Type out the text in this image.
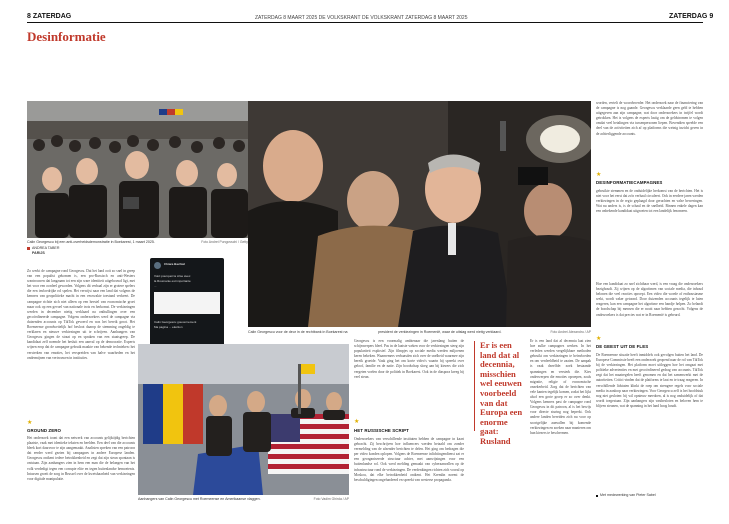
8 ZATERDAG	ZATERDAG 8 MAART 2025 DE VOLKSKRANT DE VOLKSKRANT ZATERDAG 8 MAART 2025	ZATERDAG 9
Desinformatie
Calin Georgescu bij een anti-overheidsdemonstratie in Boekarest, 1 maart 2025.	Foto Andrei Pungovschi / Getty
Calin Georgescu voor de deur in de rechtbank in Boekarest na	president de verkiezingen in Roemenië, waar de uitslag werd nietig verklaard.	Foto Andrei Alexandru / AP
ANDREA TABER
PARIJS

Zo werkt de campagne rond Georgescu. Dat het land ooit zo snel in greep van een populist gekomen is, een pro-Russisch en anti-Westers wantrouwen dat langzaam tot een zijn ware identiteit uitgebouwd ligt, met het voor een oordeel geworden. Volgens dit verhaal zijn er grotere spelers die een invloedrijke rol spelen. Het verwijst naar een land dat volgens de kenners van geopolitieke macht in een verzwakte toestand verkeert. De campagne richtte zich niet alleen op een herstel van economische groei maar ook op een gevoel van nationale trots en herkomst. De verkiezingen werden in december nietig verklaard na onthullingen over een gecoördineerde campagne. Volgens onderzoekers werd de campagne via duizenden accounts op TikTok gevoerd en was het bereik groot. Het Roemeense grondwettelijk hof besloot daarop de stemming ongeldig te verklaren en nieuwe verkiezingen uit te schrijven. Aanhangers van Georgescu gingen de straat op en spraken van een staatsgreep. De kandidaat zelf noemde het besluit een aanval op de democratie. Experts wijzen erop dat de campagne gebruik maakte van bekende technieken: het versterken van emoties, het verspreiden van halve waarheden en het ondermijnen van vertrouwen in instituties.

★
GROUND ZERO

Het onderzoek toont dat een netwerk van accounts gelijktijdig berichten plaatste, vaak met identieke teksten en beelden. Een deel van die accounts bleek kort daarvoor te zijn aangemaakt. Analisten spreken van een patroon dat eerder werd gezien bij campagnes in andere Europese landen. Georgescu ontkent iedere betrokkenheid en zegt dat zijn steun spontaan is ontstaan. Zijn aanhangers zien in hem een man die de belangen van het volk verdedigt tegen een corrupte elite en tegen buitenlandse bemoeienis. Intussen groeit de zorg in Brussel over de kwetsbaarheid van verkiezingen voor digitale manipulatie.

Chiara Bachtel
Voici pourquoi la crise avec
la Roumanie est importante
...
Calin Georgescu gouvernement
Ma pagina ... election
Aanhangers van Calin Georgescu met Roemeense en Amerikaanse vlaggen.	Foto Vadim Ghirda / AP

Georgescu is een voormalig ambtenaar die jarenlang buiten de schijnwerpers bleef. Pas in de laatste weken voor de verkiezingen steeg zijn populariteit explosief. Zijn filmpjes op sociale media werden miljoenen keren bekeken. Waarnemers verbaasden zich over de snelheid waarmee zijn bereik groeide. Vaak ging het om korte video's waarin hij spreekt over geloof, familie en de natie. Zijn boodschap sloeg aan bij kiezers die zich vergeten voelen door de politiek in Boekarest. Ook in de diaspora kreeg hij veel steun.

★
HET RUSSISCHE SCRIPT

Onderzoekers van verschillende instituten hebben de campagne in kaart gebracht. Zij beschrijven hoe influencers werden betaald om zonder vermelding van de afzender berichten te delen. Het ging om bedragen die per video konden oplopen. Volgens de Roemeense inlichtingendienst zat er een georganiseerde structuur achter, met aanwijzingen voor een buitenlandse rol. Ook werd melding gemaakt van cyberaanvallen op de infrastructuur rond de verkiezingen. De verdenkingen richten zich vooral op Moskou, dat elke betrokkenheid ontkent. Het Kremlin noemt de beschuldigingen ongefundeerd en spreekt van westerse propaganda.

Er is een land dat al decennia, misschien wel eeuwen voorbeeld van dat Europa een enorme gaat: Rusland

Er is een land dat al decennia laat zien hoe zulke campagnes werken. In het verleden werden vergelijkbare methoden gebruikt om verkiezingen te beïnvloeden en om verdeeldheid te zaaien. De aanpak is vaak dezelfde: zoek bestaande spanningen en versterk die. Kies onderwerpen die emoties oproepen, zoals migratie, religie of economische onzekerheid. Zorg dat de berichten van vele kanten tegelijk komen, zodat het lijkt alsof een grote groep er zo over denkt. Volgens kenners past de campagne rond Georgescu in dit patroon, al is het bewijs voor directe sturing nog beperkt. Ook andere landen bereiden zich nu voor op soortgelijke aanvallen bij komende verkiezingen en zoeken naar manieren om hun kiezers te beschermen.

worden, vertelt de woordvoerder. Het onderzoek naar de financiering van de campagne is nog gaande. Georgescu verklaarde geen geld te hebben uitgegeven aan zijn campagne, wat door onderzoekers in twijfel wordt getrokken. Het is volgens de experts lastig om de geldstromen te volgen omdat veel betalingen via tussenpersonen liepen. Bovendien speelde een deel van de activiteiten zich af op platforms die weinig inzicht geven in de achterliggende accounts.

★
DESINFORMATIECAMPAGNES

gebruikte stemmen en de onduidelijke herkomst van de berichten. Het is niet voor het eerst dat zo'n verhaal circuleert. Ook in eerdere jaren werden verkiezingen in de regio geplaagd door geruchten en valse beweringen. Wat nu anders is, is de schaal en de snelheid. Binnen enkele dagen kan een onbekende kandidaat uitgroeien tot een landelijk fenomeen.

Hoe een kandidaat zo snel zichtbaar werd, is een vraag die onderzoekers bezighoudt. Zij wijzen op de algoritmen van sociale media, die inhoud belonen die veel reacties oproept. Een video die woede of enthousiasme wekt, wordt vaker getoond. Door duizenden accounts tegelijk te laten reageren, kan een campagne het algoritme een handje helpen. Zo belandt de boodschap bij mensen die er nooit naar hebben gezocht. Volgens de onderzoekers is dat precies wat er in Roemenië is gebeurd.

★
DE GEEST UIT DE FLES

De Roemeense situatie heeft inmiddels ook gevolgen buiten het land. De Europese Commissie heeft een onderzoek geopend naar de rol van TikTok bij de verkiezingen. Het platform moet uitleggen hoe het omgaat met politieke advertenties en met gecoördineerd gedrag van accounts. TikTok zegt dat het maatregelen heeft genomen en dat het samenwerkt met de autoriteiten. Critici vinden dat de platforms te laat en te traag reageren. In verschillende lidstaten klinkt de roep om strengere regels voor sociale media in aanloop naar verkiezingen. Voor Georgescu zelf is het hoofdstuk nog niet gesloten: hij wil opnieuw meedoen, al is nog onduidelijk of dat wordt toegestaan. Zijn aanhangers zijn vastbesloten en beloven hem te blijven steunen, wat de spanning in het land hoog houdt.

Met medewerking van Pieter Sabel
